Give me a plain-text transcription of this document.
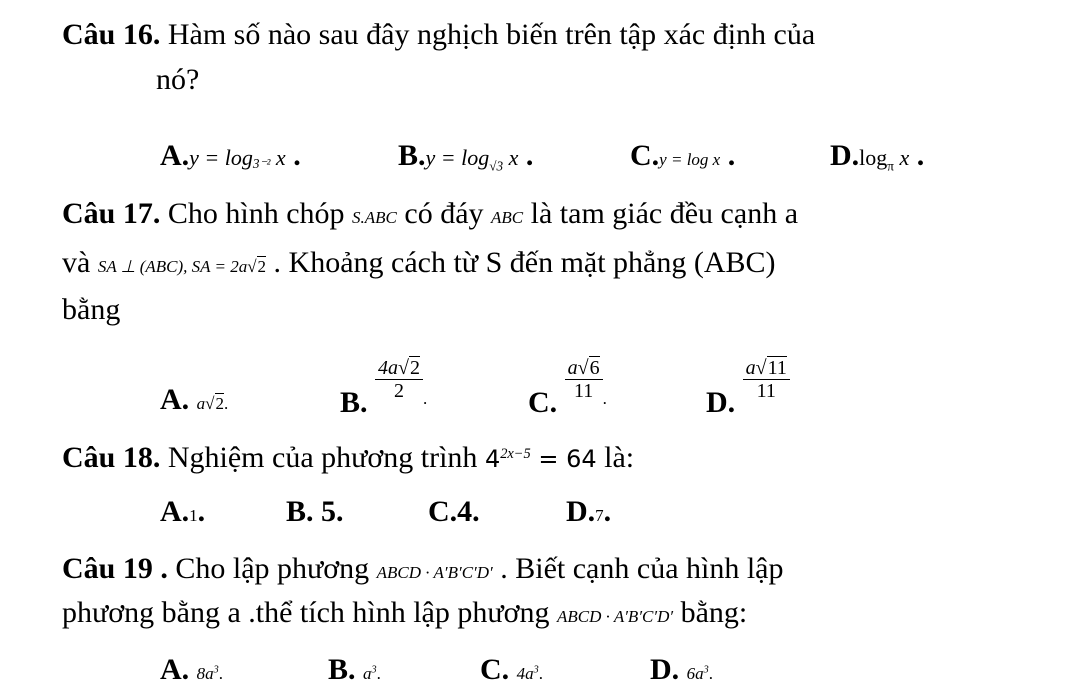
Câu 16. Hàm số nào sau đây nghịch biến trên tập xác định của
nó?
$A.y = \log_{3^{-2}} x$ .	$B.y = \log_{√3} x$ .	C.y = log x .	$D.\log_\pi$ x .
Câu 17. Cho hình chóp S.ABC có đáy ABC là tam giác đều cạnh a
và SA ⊥ (ABC), SA = 2a√2 . Khoảng cách từ S đến mặt phẳng (ABC)
bằng
A. a√2.	B.
$\frac{4a√2}{2} _.$	C.
$\frac{a√6}{11} _.$	D.
$\frac{a√11}{11}$
Câu 18. Nghiệm của phương trình $4^{2x-5} = 64$ là:
A.1.	B. 5.	C.4.	D.7.
Câu 19 . Cho lập phương ABCD · A′B′C′D′ . Biết cạnh của hình lập
phương bằng a .thể tích hình lập phương ABCD · A′B′C′D′ bằng:
A. $8a^3$.	B. $a^3$.	C. $4a^3$.	D. $6a^3$.
